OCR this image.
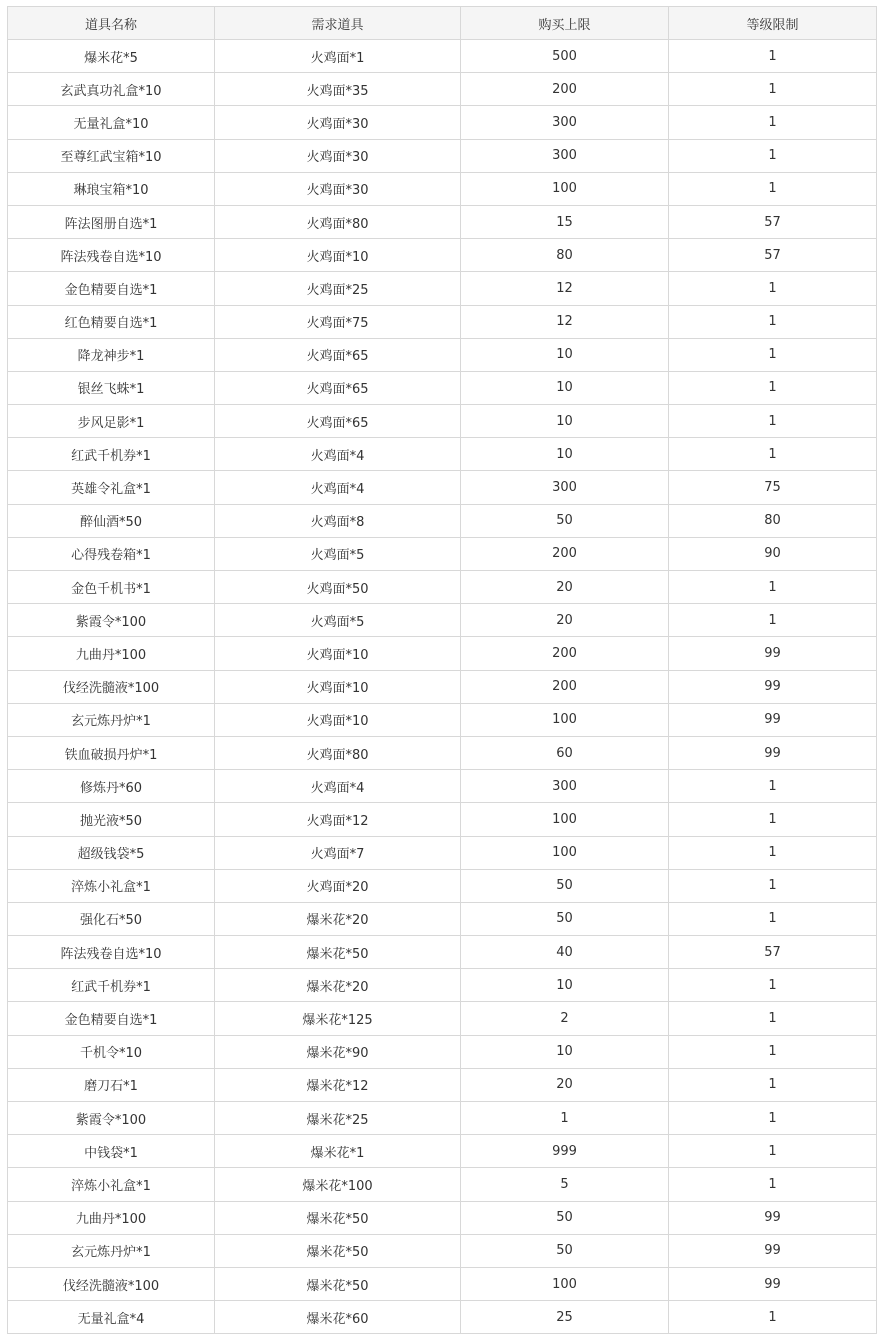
道具名称	需求道具	购买上限	等级限制
爆米花*5	火鸡面*1	500	1
玄武真功礼盒*10	火鸡面*35	200	1
无量礼盒*10	火鸡面*30	300	1
至尊红武宝箱*10	火鸡面*30	300	1
琳琅宝箱*10	火鸡面*30	100	1
阵法图册自选*1	火鸡面*80	15	57
阵法残卷自选*10	火鸡面*10	80	57
金色精要自选*1	火鸡面*25	12	1
红色精要自选*1	火鸡面*75	12	1
降龙神步*1	火鸡面*65	10	1
银丝飞蛛*1	火鸡面*65	10	1
步风足影*1	火鸡面*65	10	1
红武千机券*1	火鸡面*4	10	1
英雄令礼盒*1	火鸡面*4	300	75
醉仙酒*50	火鸡面*8	50	80
心得残卷箱*1	火鸡面*5	200	90
金色千机书*1	火鸡面*50	20	1
紫霞令*100	火鸡面*5	20	1
九曲丹*100	火鸡面*10	200	99
伐经洗髓液*100	火鸡面*10	200	99
玄元炼丹炉*1	火鸡面*10	100	99
铁血破损丹炉*1	火鸡面*80	60	99
修炼丹*60	火鸡面*4	300	1
抛光液*50	火鸡面*12	100	1
超级钱袋*5	火鸡面*7	100	1
淬炼小礼盒*1	火鸡面*20	50	1
强化石*50	爆米花*20	50	1
阵法残卷自选*10	爆米花*50	40	57
红武千机券*1	爆米花*20	10	1
金色精要自选*1	爆米花*125	2	1
千机令*10	爆米花*90	10	1
磨刀石*1	爆米花*12	20	1
紫霞令*100	爆米花*25	1	1
中钱袋*1	爆米花*1	999	1
淬炼小礼盒*1	爆米花*100	5	1
九曲丹*100	爆米花*50	50	99
玄元炼丹炉*1	爆米花*50	50	99
伐经洗髓液*100	爆米花*50	100	99
无量礼盒*4	爆米花*60	25	1
